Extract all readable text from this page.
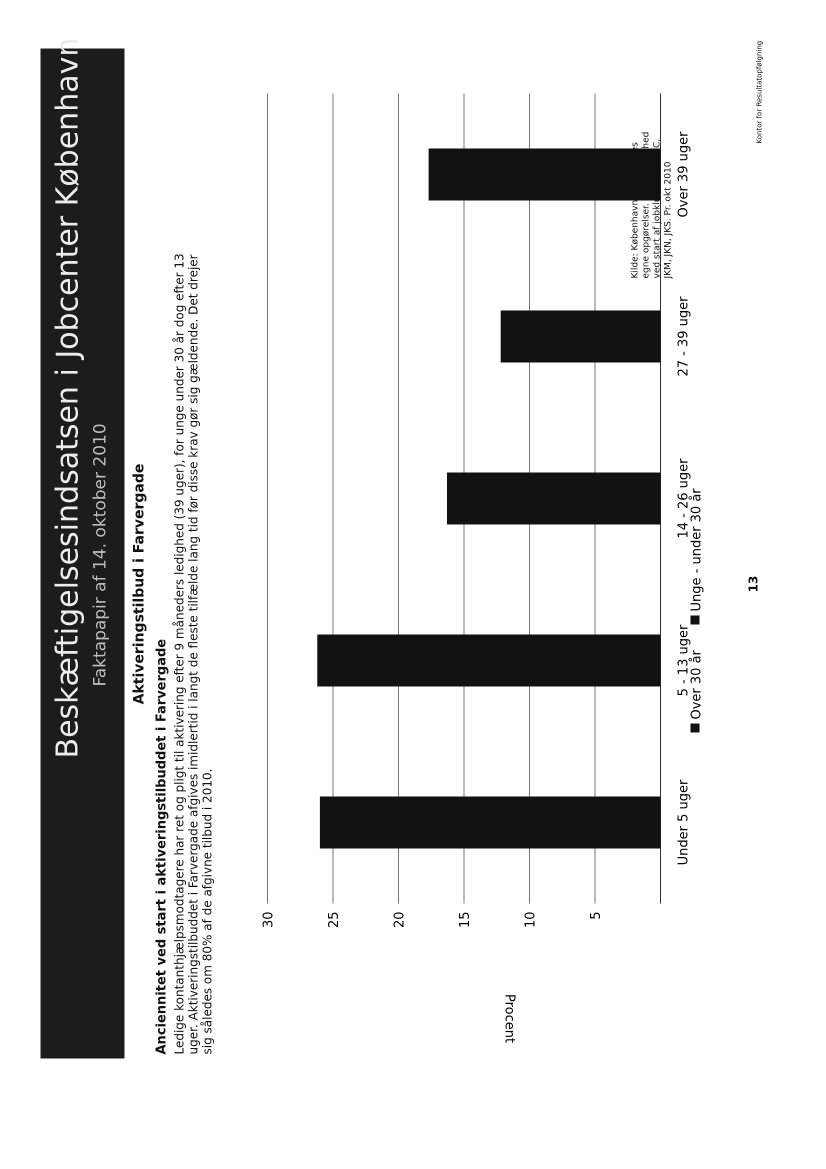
Beskæftigelsesindsatsen i Jobcenter København Faktapapir af 14. oktober 2010 Aktiveringstilbud i Farvergade
Anciennitet ved start i aktiveringstilbuddet i Farvergade Ledige kontanthjælpsmodtagere har ret og pligt til aktivering efter 9 måneders ledighed (39 uger), for unge under 30 år dog efter 13 uger. Aktiveringstilbuddet i Farvergade afgives imidlertid i langt de fleste tilfælde lang tid før disse krav gør sig gældende. Det drejer sig således om 80% af de afgivne tilbud i 2010.	5
10
15
20
25
30
Under 5 uger
5 - 13 uger
14 - 26 uger
27 - 39 uger
Over 39 uger
Procent
Over 30 år
Unge - under 30 år
Kilde: Københavns Kommunes egne opgørelser. Uger i ledighed ved start af jobklubforløb AMC, JKM, JKN, JKS. Pr. okt 2010
13
Kontor for Resultatopfølgning
